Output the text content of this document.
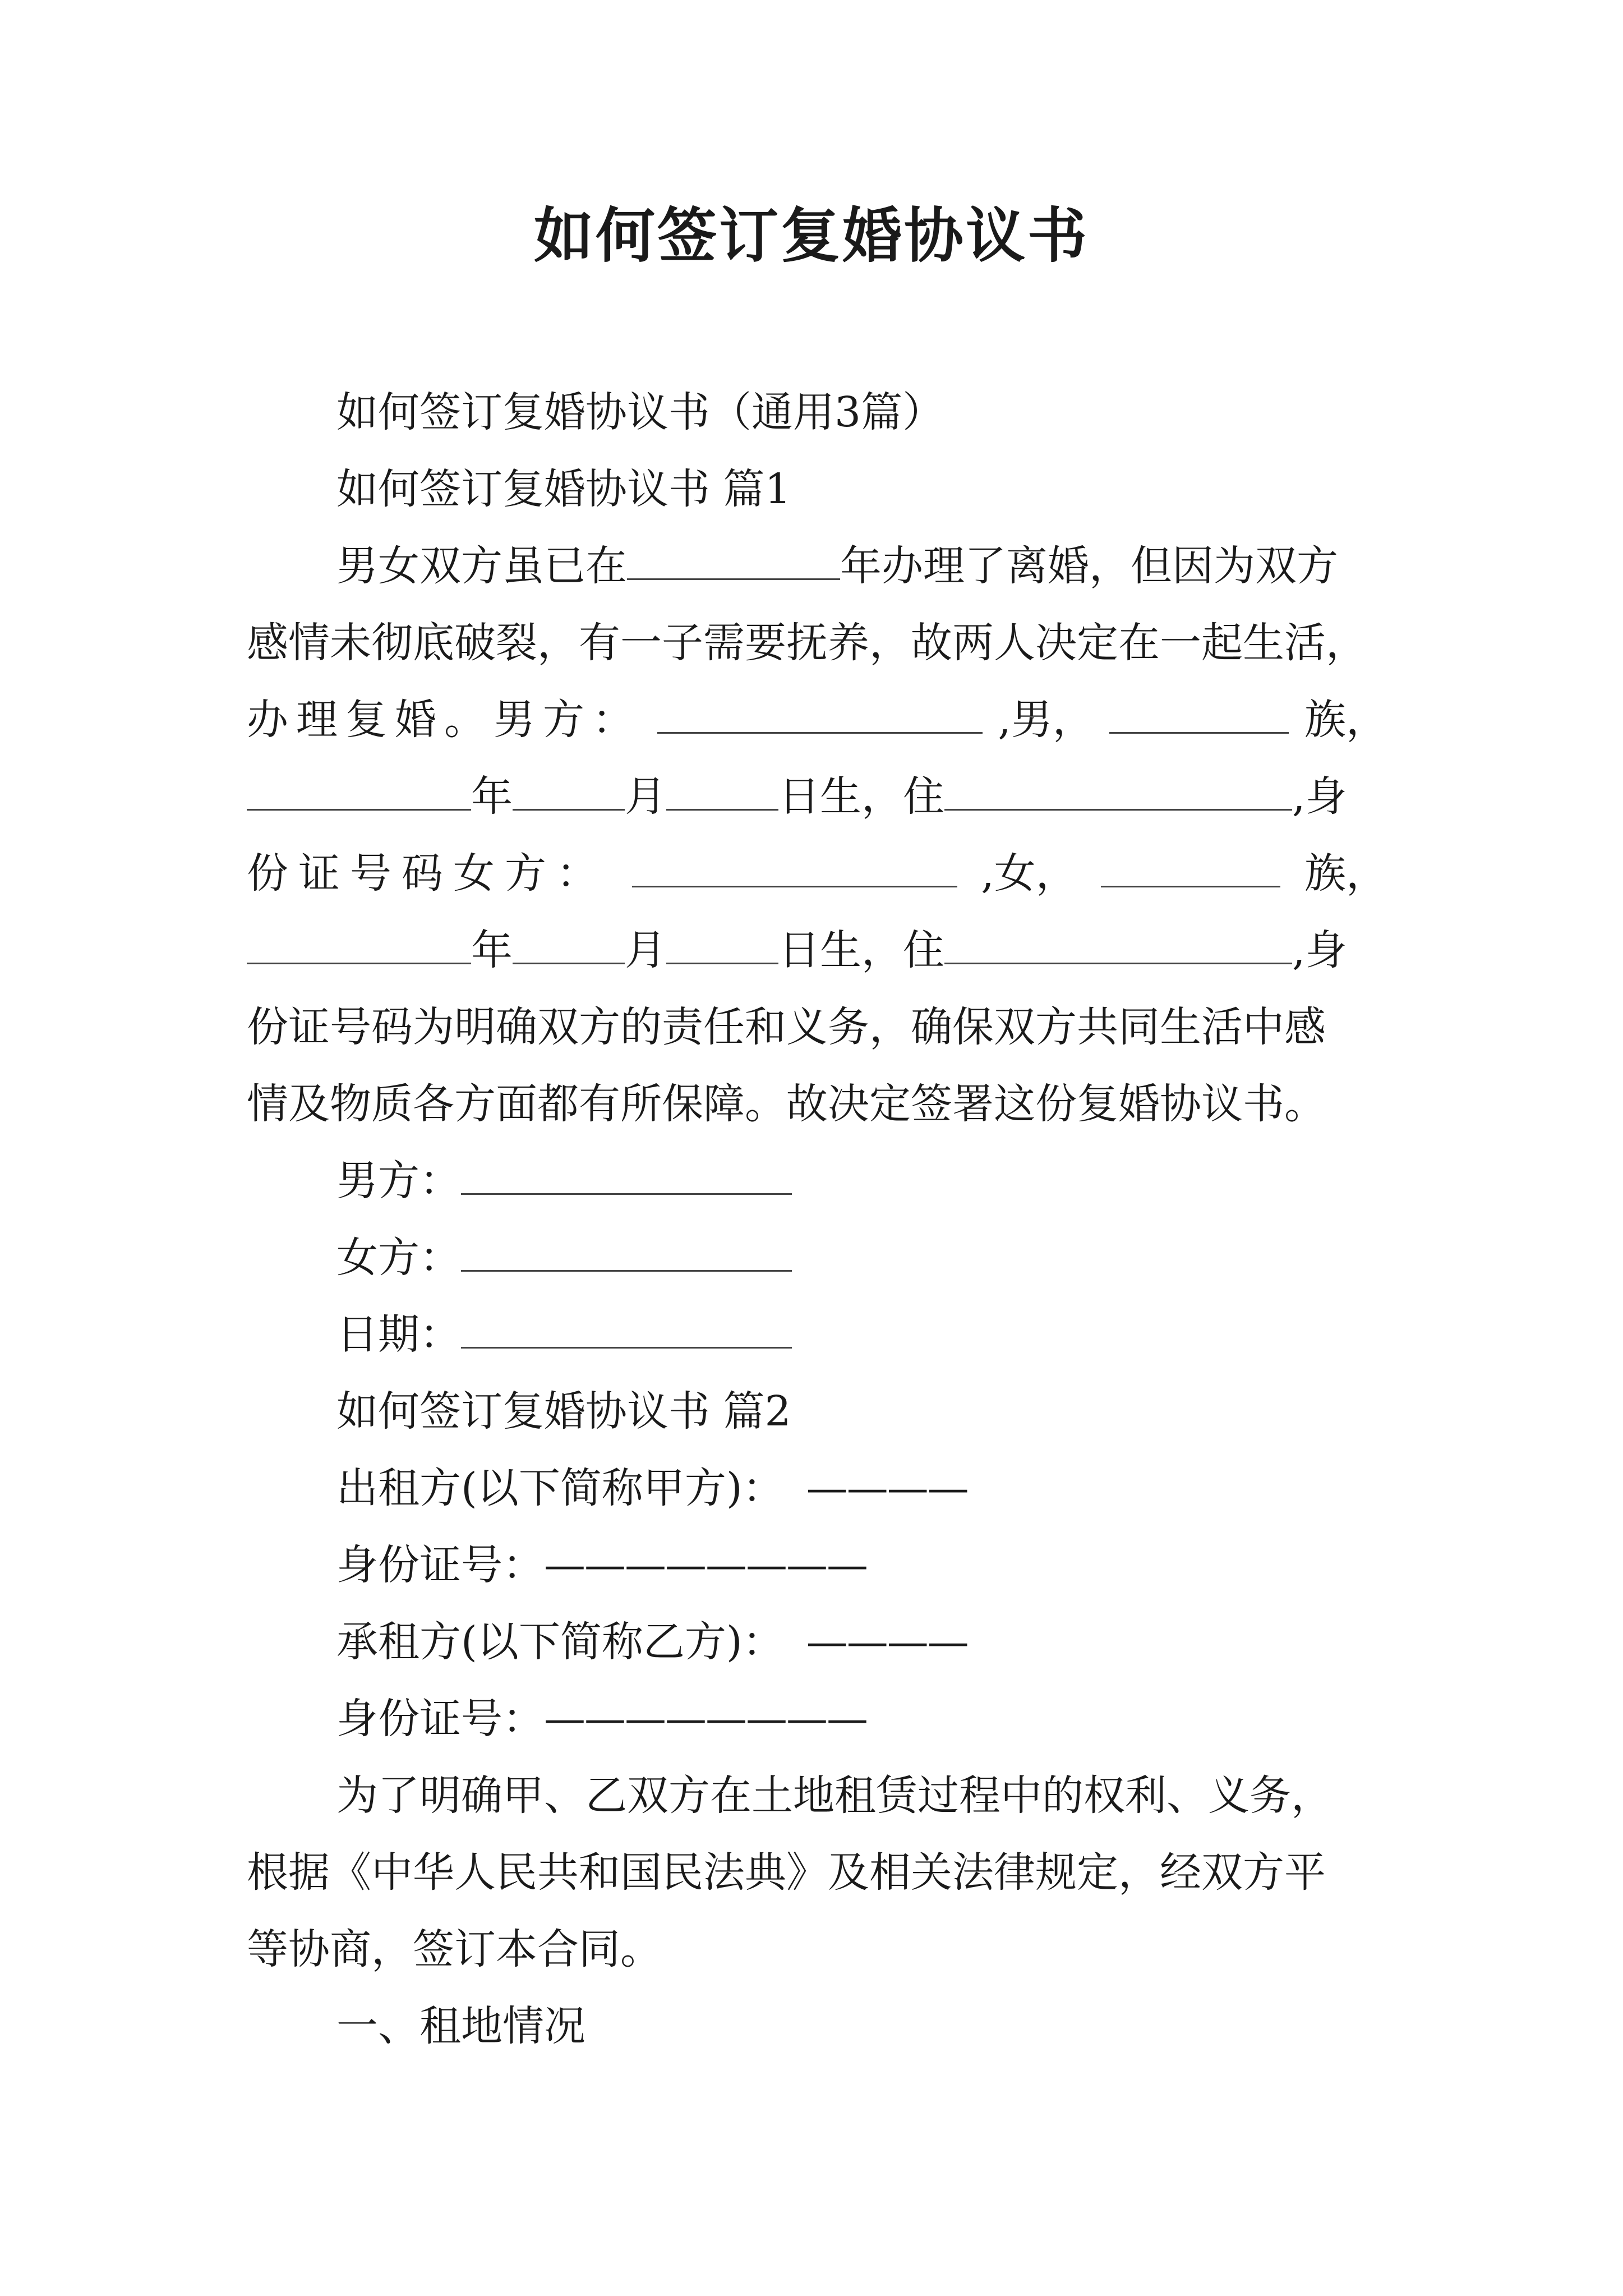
如何签订复婚协议书
如何签订复婚协议书（通用3篇）
如何签订复婚协议书 篇1
男女双方虽已在	年办理了离婚，但因为双方
感情未彻底破裂，有一子需要抚养，故两人决定在一起生活，
办理复婚。男方：	,男，	族，
年	月	日生，住	,身
份证号码女方：	,女，	族，
年	月	日生，住	,身
份证号码为明确双方的责任和义务，确保双方共同生活中感
情及物质各方面都有所保障。故决定签署这份复婚协议书。
男方：
女方：
日期：
如何签订复婚协议书 篇2
出租方(以下简称甲方)： ————
身份证号：————————
承租方(以下简称乙方)： ————
身份证号：————————
为了明确甲、乙双方在土地租赁过程中的权利、义务，
根据《中华人民共和国民法典》及相关法律规定，经双方平
等协商，签订本合同。
一、租地情况
